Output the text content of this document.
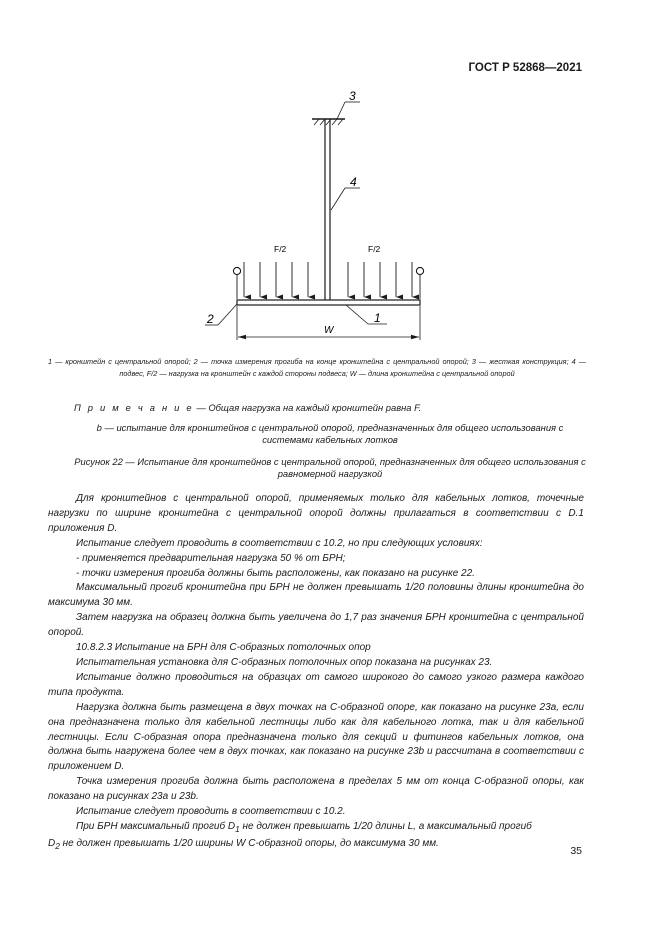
ГОСТ Р 52868—2021
3
4
F/2	F/2
2	1
W
1 — кронштейн с центральной опорой; 2 — точка измерения прогиба на конце кронштейна с центральной опорой; 3 — жесткая конструкция; 4 — подвес, F/2 — нагрузка на кронштейн с каждой стороны подвеса; W — длина кронштейна с центральной опорой
П р и м е ч а н и е — Общая нагрузка на каждый кронштейн равна F.
b — испытание для кронштейнов с центральной опорой, предназначенных для общего использования с системами кабельных лотков
Рисунок 22 — Испытание для кронштейнов с центральной опорой, предназначенных для общего использования с равномерной нагрузкой

Для кронштейнов с центральной опорой, применяемых только для кабельных лотков, точечные нагрузки по ширине кронштейна с центральной опорой должны прилагаться в соответствии с D.1 приложения D.

Испытание следует проводить в соответствии с 10.2, но при следующих условиях:

- применяется предварительная нагрузка 50 % от БРН;

- точки измерения прогиба должны быть расположены, как показано на рисунке 22.

Максимальный прогиб кронштейна при БРН не должен превышать 1/20 половины длины кронштейна до максимума 30 мм.

Затем нагрузка на образец должна быть увеличена до 1,7 раз значения БРН кронштейна с центральной опорой.

10.8.2.3 Испытание на БРН для С-образных потолочных опор

Испытательная установка для С-образных потолочных опор показана на рисунках 23.

Испытание должно проводиться на образцах от самого широкого до самого узкого размера каждого типа продукта.

Нагрузка должна быть размещена в двух точках на С-образной опоре, как показано на рисунке 23a, если она предназначена только для кабельной лестницы либо как для кабельного лотка, так и для кабельной лестницы. Если С-образная опора предназначена только для секций и фитингов кабельных лотков, она должна быть нагружена более чем в двух точках, как показано на рисунке 23b и рассчитана в соответствии с приложением D.

Точка измерения прогиба должна быть расположена в пределах 5 мм от конца С-образной опоры, как показано на рисунках 23a и 23b.

Испытание следует проводить в соответствии с 10.2.

При БРН максимальный прогиб $D_1$ не должен превышать 1/20 длины L, а максимальный прогиб
$D_2$ не должен превышать 1/20 ширины W С-образной опоры, до максимума 30 мм.

35
